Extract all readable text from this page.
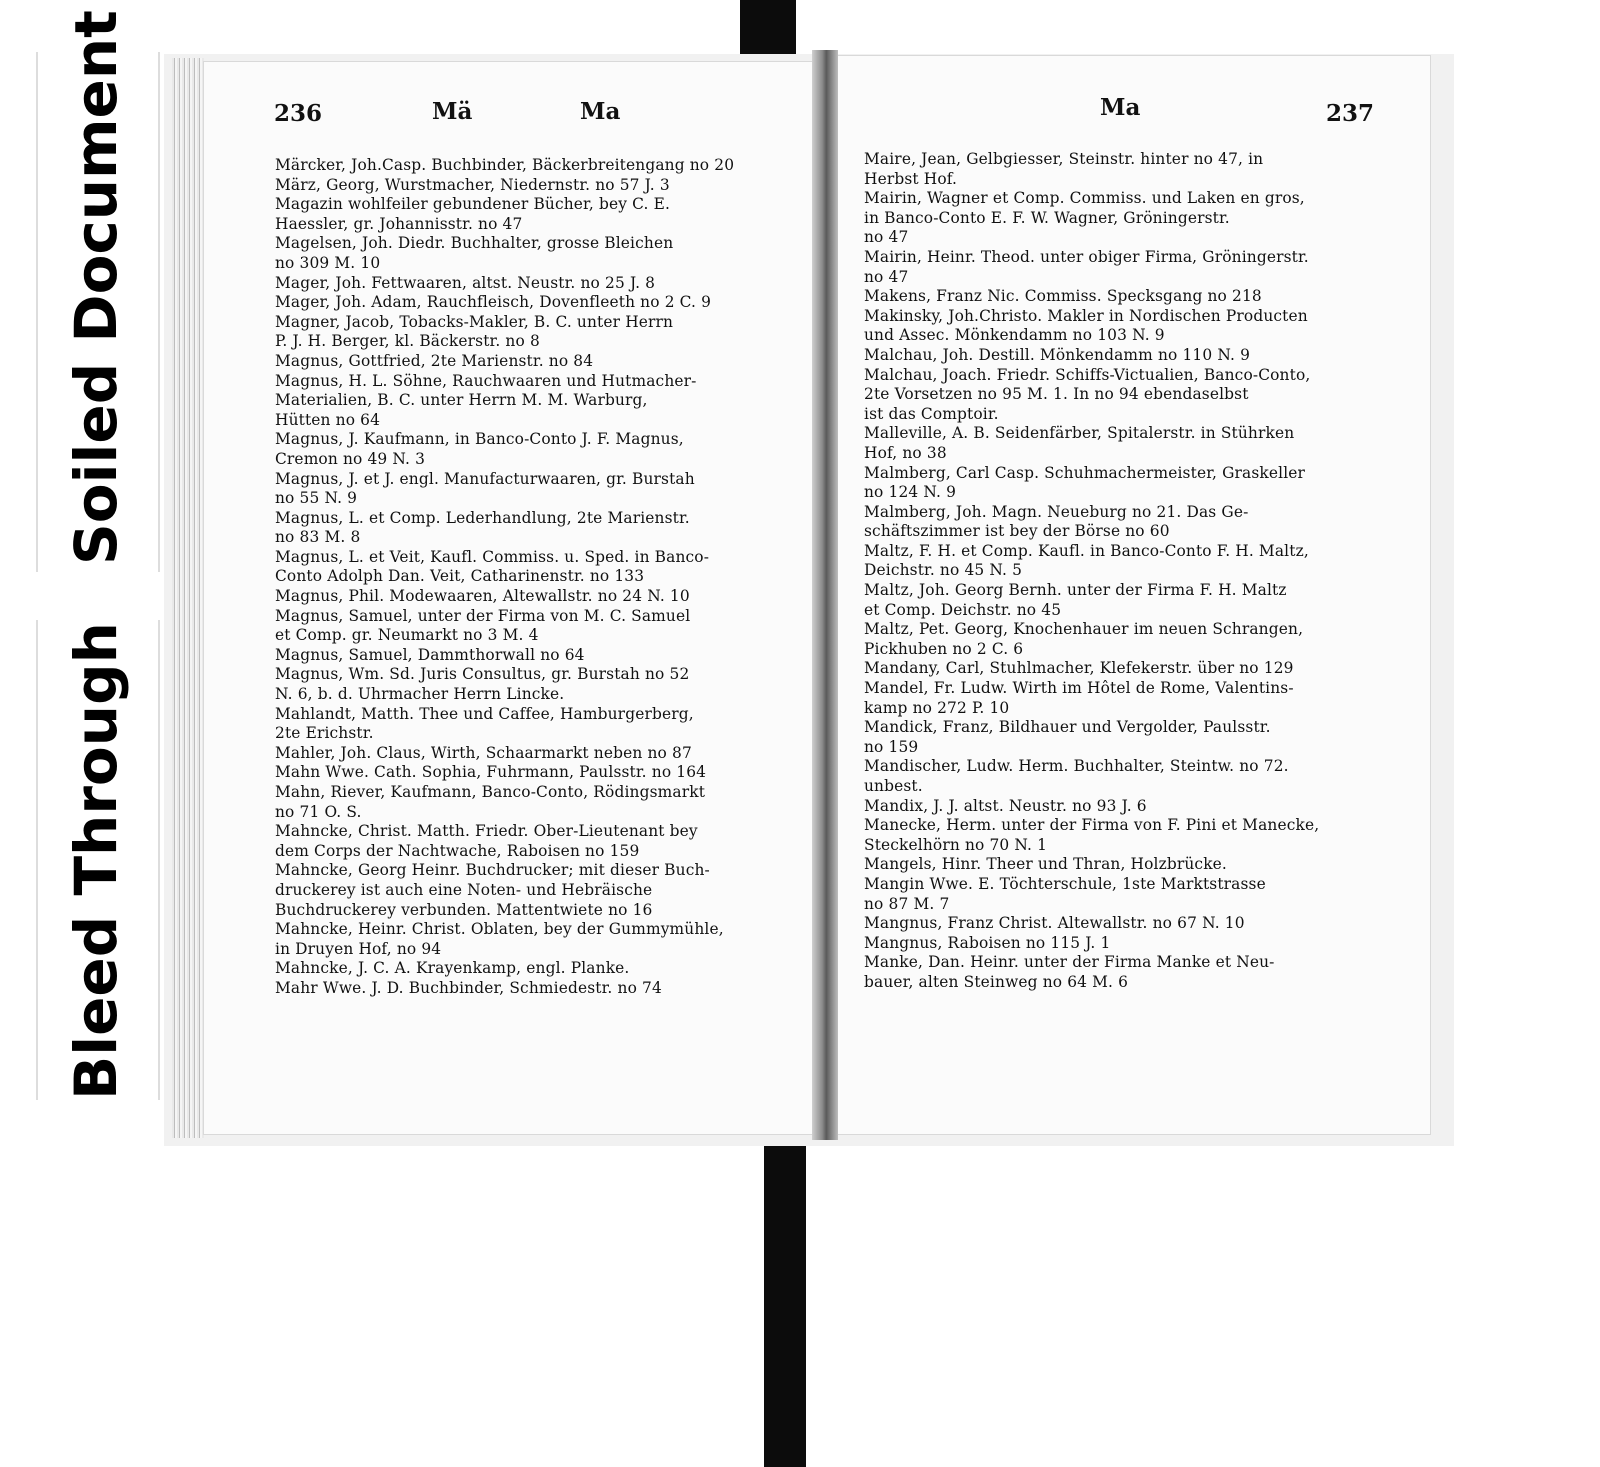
Soiled Document
Bleed Through
236	Mä	Ma	Ma	237
Märcker, Joh.Casp. Buchbinder, Bäckerbreitengang no 20
März, Georg, Wurstmacher, Niedernstr. no 57 J. 3
Magazin wohlfeiler gebundener Bücher, bey C. E.
Haessler, gr. Johannisstr. no 47
Magelsen, Joh. Diedr. Buchhalter, grosse Bleichen
no 309 M. 10
Mager, Joh. Fettwaaren, altst. Neustr. no 25 J. 8
Mager, Joh. Adam, Rauchfleisch, Dovenfleeth no 2 C. 9
Magner, Jacob, Tobacks-Makler, B. C. unter Herrn
P. J. H. Berger, kl. Bäckerstr. no 8
Magnus, Gottfried, 2te Marienstr. no 84
Magnus, H. L. Söhne, Rauchwaaren und Hutmacher-
Materialien, B. C. unter Herrn M. M. Warburg,
Hütten no 64
Magnus, J. Kaufmann, in Banco-Conto J. F. Magnus,
Cremon no 49 N. 3
Magnus, J. et J. engl. Manufacturwaaren, gr. Burstah
no 55 N. 9
Magnus, L. et Comp. Lederhandlung, 2te Marienstr.
no 83 M. 8
Magnus, L. et Veit, Kaufl. Commiss. u. Sped. in Banco-
Conto Adolph Dan. Veit, Catharinenstr. no 133
Magnus, Phil. Modewaaren, Altewallstr. no 24 N. 10
Magnus, Samuel, unter der Firma von M. C. Samuel
et Comp. gr. Neumarkt no 3 M. 4
Magnus, Samuel, Dammthorwall no 64
Magnus, Wm. Sd. Juris Consultus, gr. Burstah no 52
N. 6, b. d. Uhrmacher Herrn Lincke.
Mahlandt, Matth. Thee und Caffee, Hamburgerberg,
2te Erichstr.
Mahler, Joh. Claus, Wirth, Schaarmarkt neben no 87
Mahn Wwe. Cath. Sophia, Fuhrmann, Paulsstr. no 164
Mahn, Riever, Kaufmann, Banco-Conto, Rödingsmarkt
no 71 O. S.
Mahncke, Christ. Matth. Friedr. Ober-Lieutenant bey
dem Corps der Nachtwache, Raboisen no 159
Mahncke, Georg Heinr. Buchdrucker; mit dieser Buch-
druckerey ist auch eine Noten- und Hebräische
Buchdruckerey verbunden. Mattentwiete no 16
Mahncke, Heinr. Christ. Oblaten, bey der Gummymühle,
in Druyen Hof, no 94
Mahncke, J. C. A. Krayenkamp, engl. Planke.
Mahr Wwe. J. D. Buchbinder, Schmiedestr. no 74
Maire, Jean, Gelbgiesser, Steinstr. hinter no 47, in
Herbst Hof.
Mairin, Wagner et Comp. Commiss. und Laken en gros,
in Banco-Conto E. F. W. Wagner, Gröningerstr.
no 47
Mairin, Heinr. Theod. unter obiger Firma, Gröningerstr.
no 47
Makens, Franz Nic. Commiss. Specksgang no 218
Makinsky, Joh.Christo. Makler in Nordischen Producten
und Assec. Mönkendamm no 103 N. 9
Malchau, Joh. Destill. Mönkendamm no 110 N. 9
Malchau, Joach. Friedr. Schiffs-Victualien, Banco-Conto,
2te Vorsetzen no 95 M. 1. In no 94 ebendaselbst
ist das Comptoir.
Malleville, A. B. Seidenfärber, Spitalerstr. in Stührken
Hof, no 38
Malmberg, Carl Casp. Schuhmachermeister, Graskeller
no 124 N. 9
Malmberg, Joh. Magn. Neueburg no 21. Das Ge-
schäftszimmer ist bey der Börse no 60
Maltz, F. H. et Comp. Kaufl. in Banco-Conto F. H. Maltz,
Deichstr. no 45 N. 5
Maltz, Joh. Georg Bernh. unter der Firma F. H. Maltz
et Comp. Deichstr. no 45
Maltz, Pet. Georg, Knochenhauer im neuen Schrangen,
Pickhuben no 2 C. 6
Mandany, Carl, Stuhlmacher, Klefekerstr. über no 129
Mandel, Fr. Ludw. Wirth im Hôtel de Rome, Valentins-
kamp no 272 P. 10
Mandick, Franz, Bildhauer und Vergolder, Paulsstr.
no 159
Mandischer, Ludw. Herm. Buchhalter, Steintw. no 72.
unbest.
Mandix, J. J. altst. Neustr. no 93 J. 6
Manecke, Herm. unter der Firma von F. Pini et Manecke,
Steckelhörn no 70 N. 1
Mangels, Hinr. Theer und Thran, Holzbrücke.
Mangin Wwe. E. Töchterschule, 1ste Marktstrasse
no 87 M. 7
Mangnus, Franz Christ. Altewallstr. no 67 N. 10
Mangnus, Raboisen no 115 J. 1
Manke, Dan. Heinr. unter der Firma Manke et Neu-
bauer, alten Steinweg no 64 M. 6
